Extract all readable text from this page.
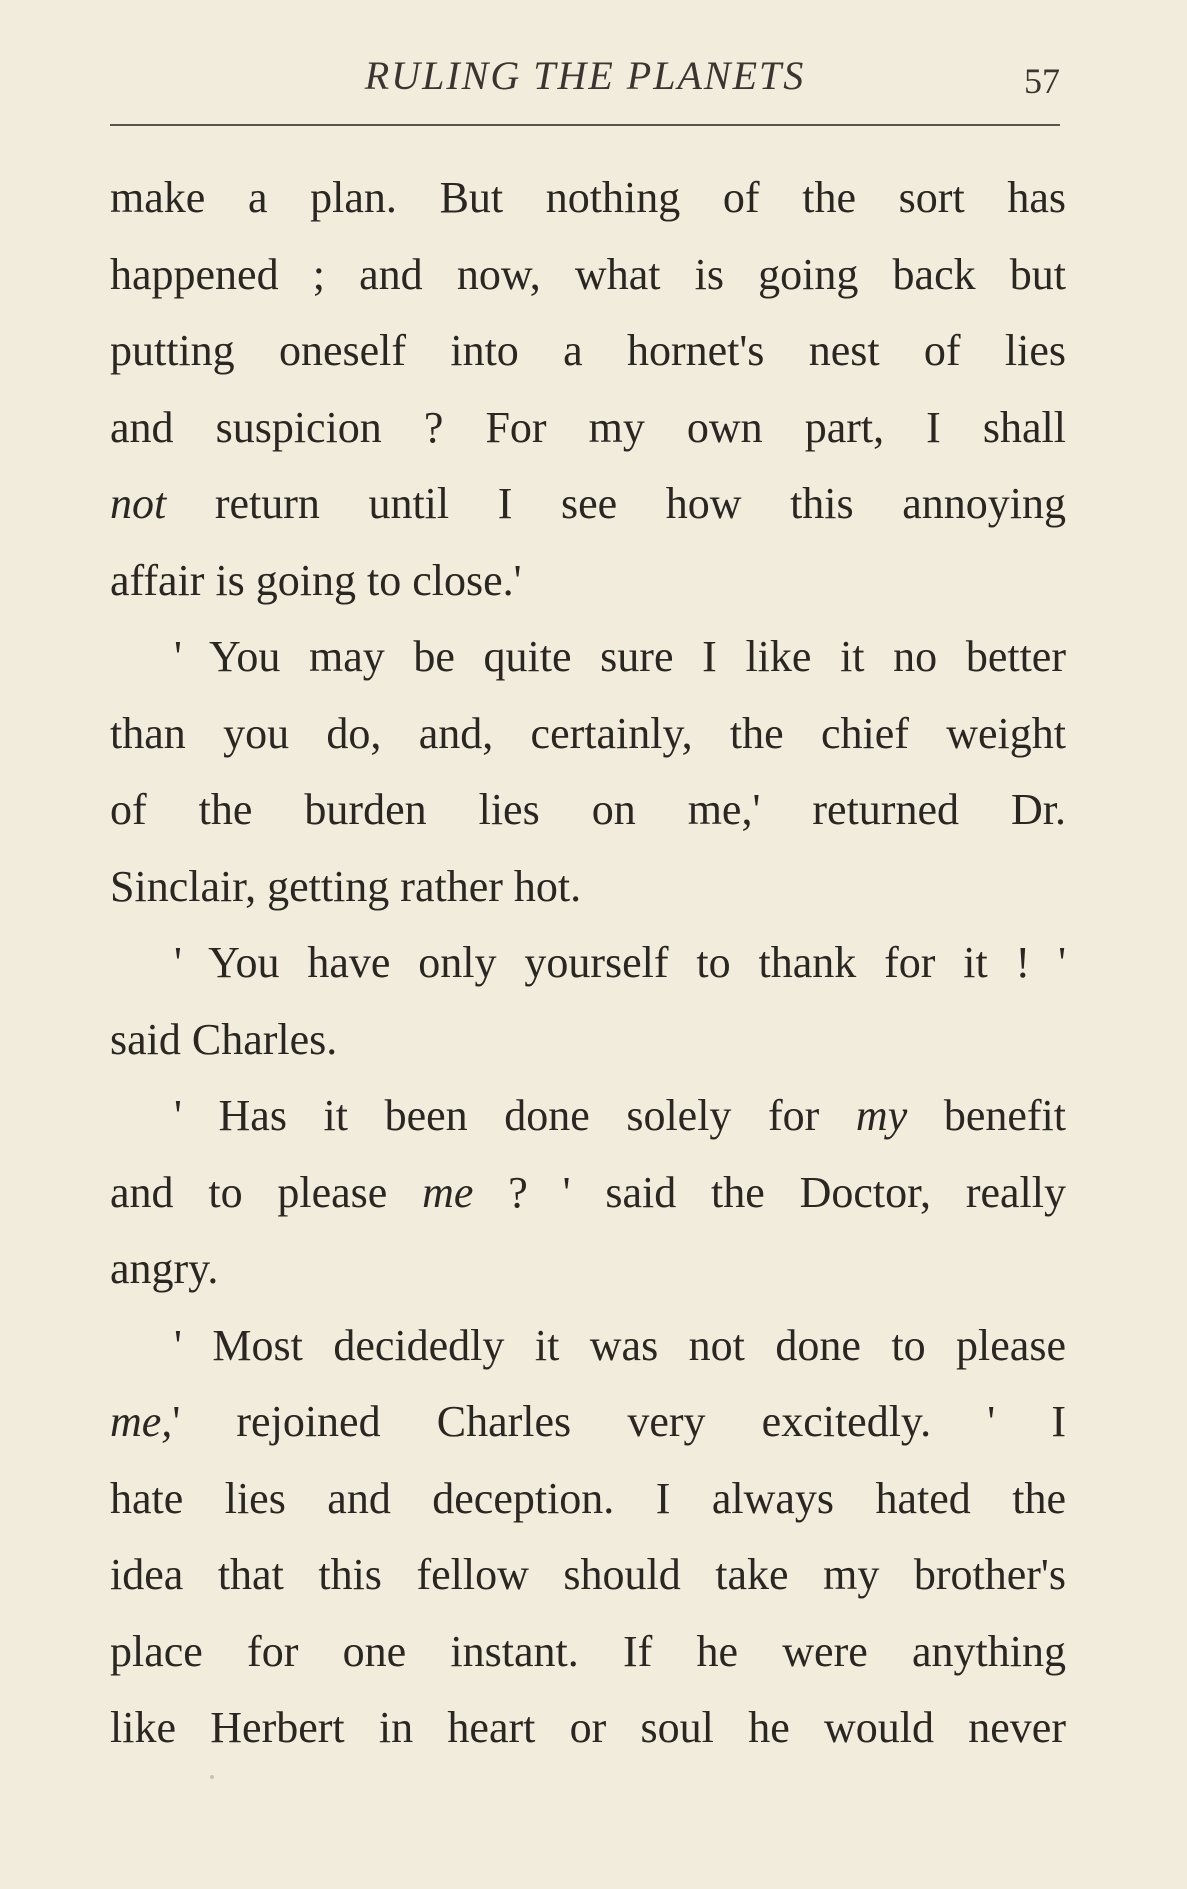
RULING THE PLANETS	57
make a plan. But nothing of the sort has
happened ; and now, what is going back but
putting oneself into a hornet's nest of lies
and suspicion ? For my own part, I shall
not return until I see how this annoying
affair is going to close.'
' You may be quite sure I like it no better
than you do, and, certainly, the chief weight
of the burden lies on me,' returned Dr.
Sinclair, getting rather hot.
' You have only yourself to thank for it ! '
said Charles.
' Has it been done solely for my benefit
and to please me ? ' said the Doctor, really
angry.
' Most decidedly it was not done to please
me,' rejoined Charles very excitedly. ' I
hate lies and deception. I always hated the
idea that this fellow should take my brother's
place for one instant. If he were anything
like Herbert in heart or soul he would never
